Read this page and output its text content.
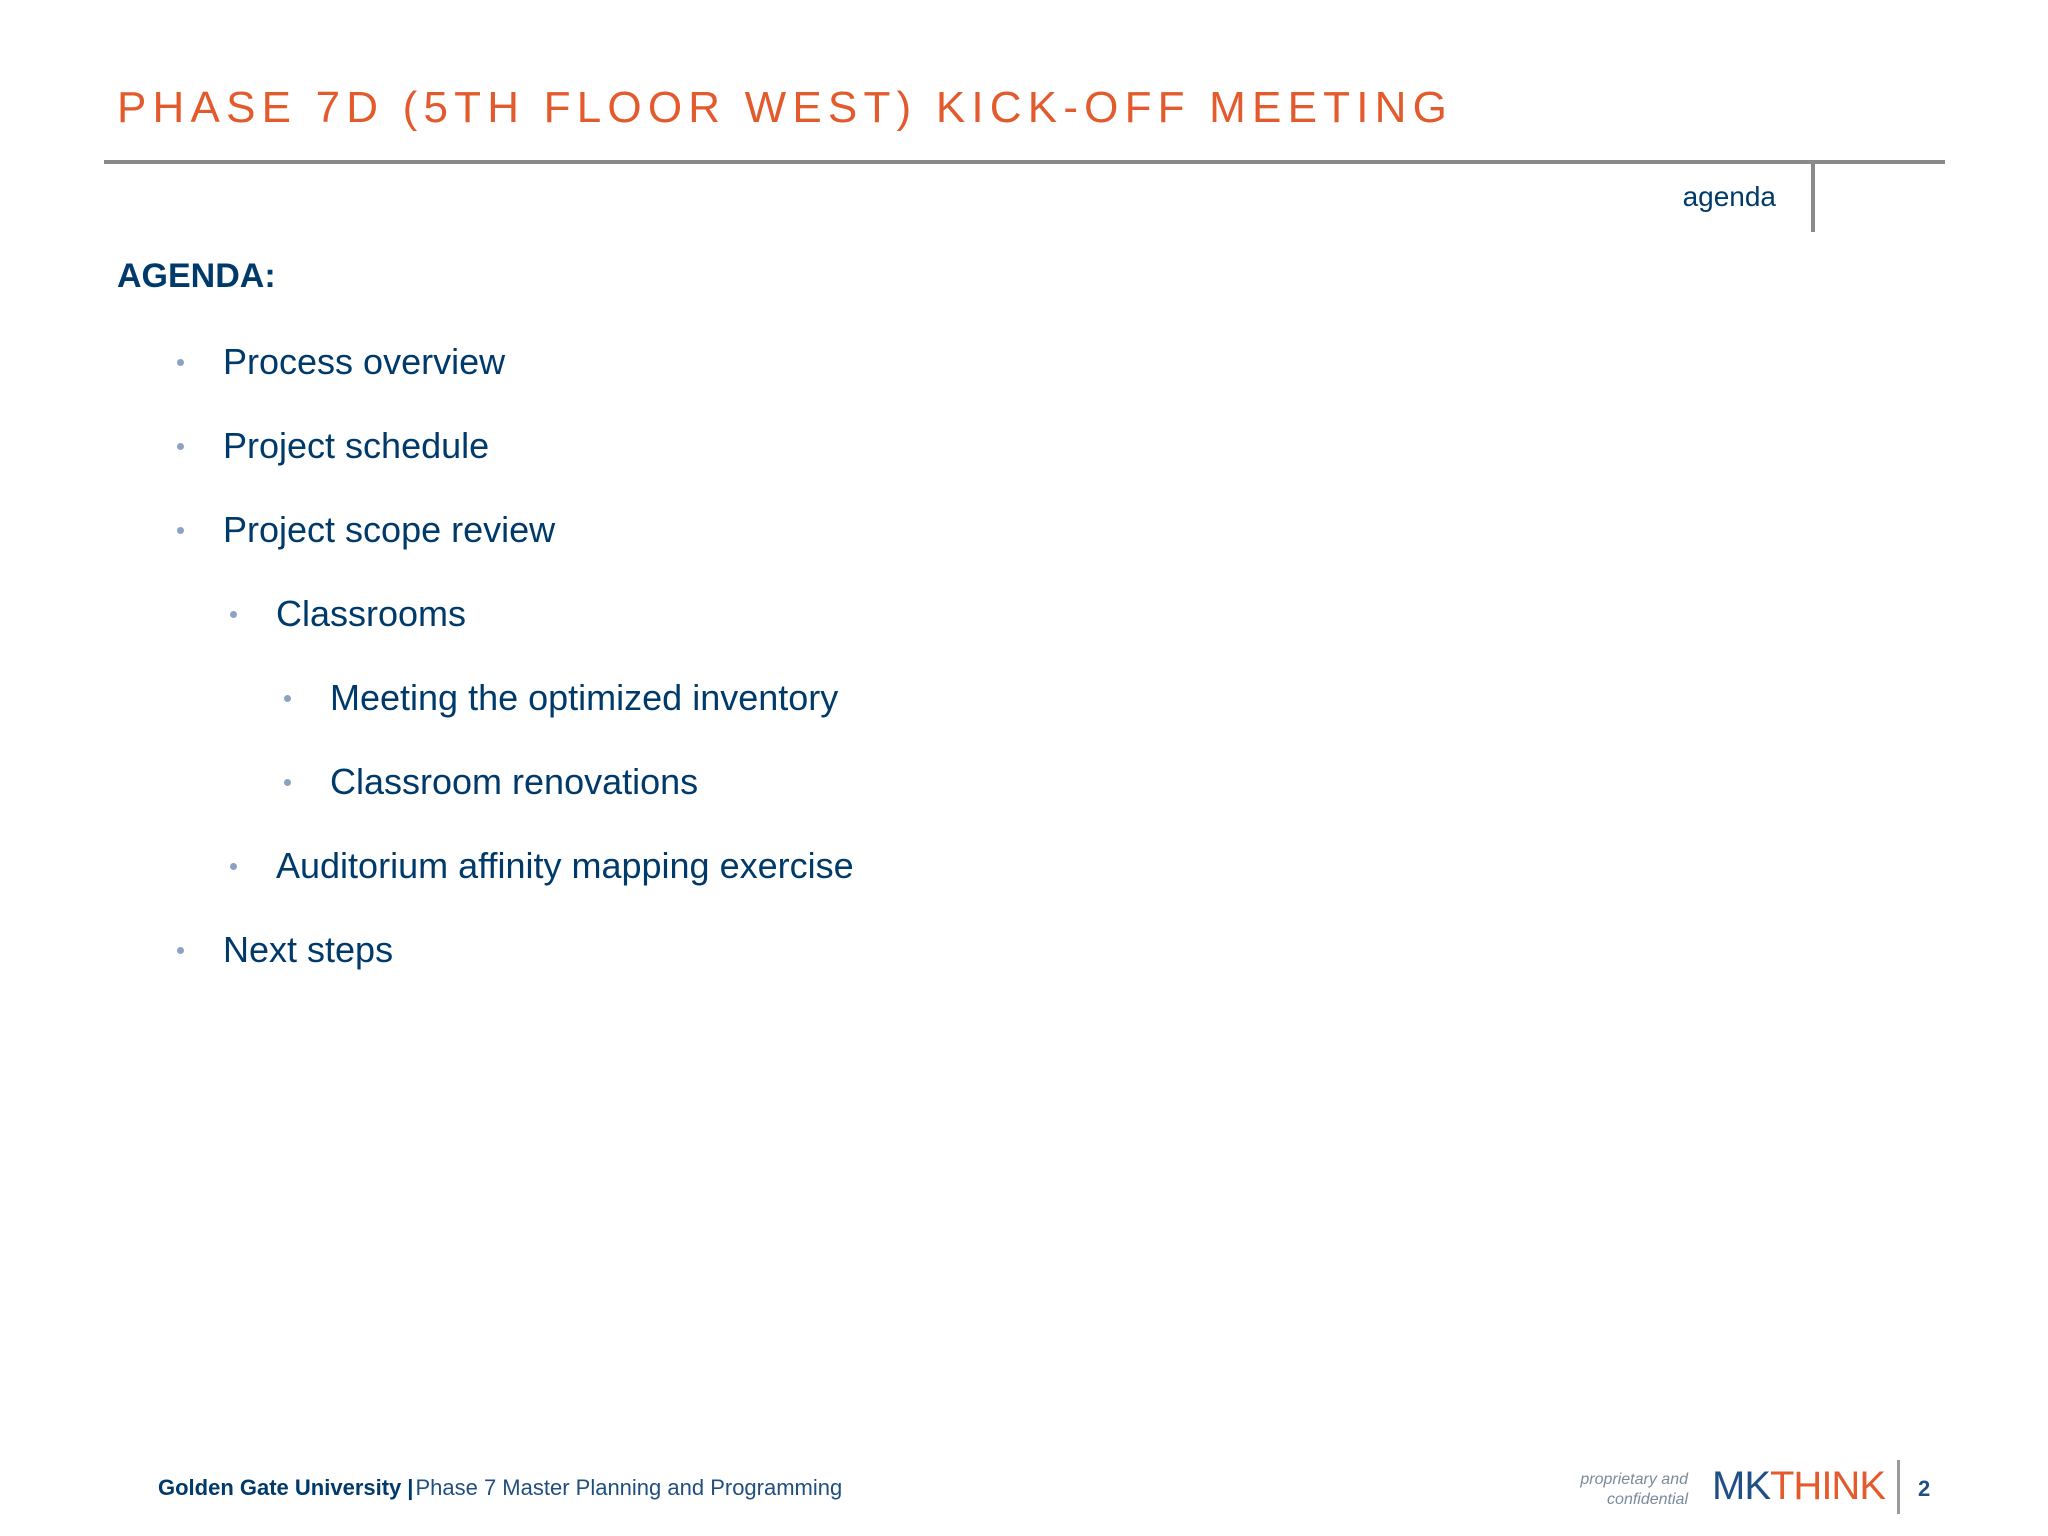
PHASE 7D (5TH FLOOR WEST) KICK-OFF MEETING
agenda
AGENDA:
Process overview
Project schedule
Project scope review
Classrooms
Meeting the optimized inventory
Classroom renovations
Auditorium affinity mapping exercise
Next steps
Golden Gate University |Phase 7 Master Planning and Programming	proprietary and
confidential MKTHINK 2
